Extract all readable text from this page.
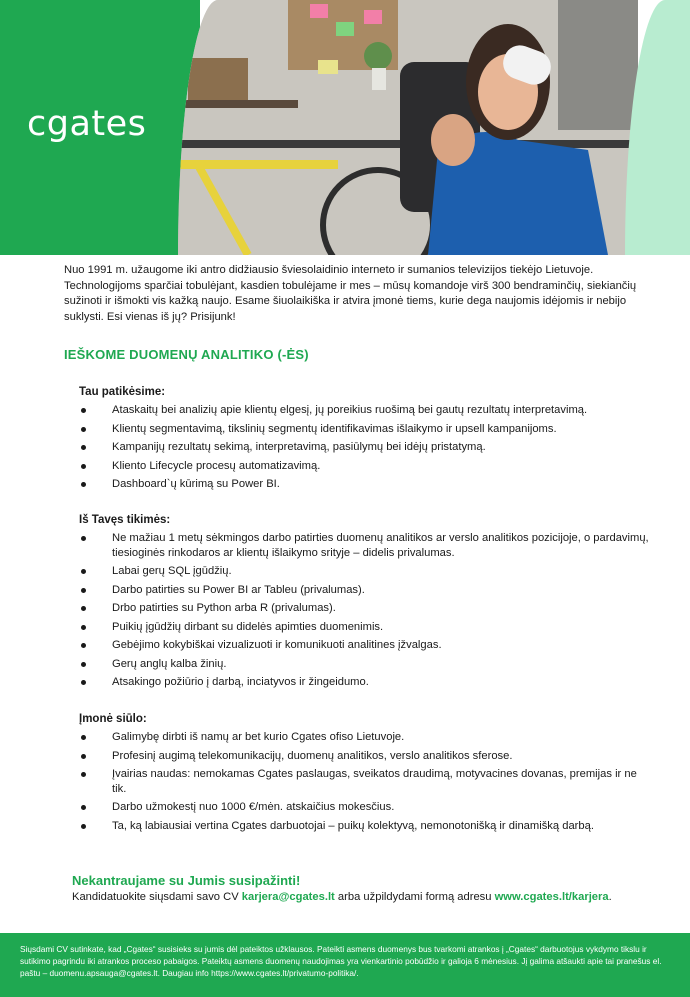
cgates

Nuo 1991 m. užaugome iki antro didžiausio šviesolaidinio interneto ir sumanios televizijos tiekėjo Lietuvoje. Technologijoms sparčiai tobulėjant, kasdien tobulėjame ir mes – mūsų komandoje virš 300 bendraminčių, siekiančių sužinoti ir išmokti vis kažką naujo. Esame šiuolaikiška ir atvira įmonė tiems, kurie dega naujomis idėjomis ir nebijo suklysti. Esi vienas iš jų? Prisijunk!

IEŠKOME DUOMENŲ ANALITIKO (-ĖS)
Tau patikėsime:
Ataskaitų bei analizių apie klientų elgesį, jų poreikius ruošimą bei gautų rezultatų interpretavimą.
Klientų segmentavimą, tikslinių segmentų identifikavimas išlaikymo ir upsell kampanijoms.
Kampanijų rezultatų sekimą, interpretavimą, pasiūlymų bei idėjų pristatymą.
Kliento Lifecycle procesų automatizavimą.
Dashboard`ų kūrimą su Power BI.
Iš Tavęs tikimės:
Ne mažiau 1 metų sėkmingos darbo patirties duomenų analitikos ar verslo analitikos pozicijoje, o pardavimų, tiesioginės rinkodaros ar klientų išlaikymo srityje – didelis privalumas.
Labai gerų SQL įgūdžių.
Darbo patirties su Power BI ar Tableu (privalumas).
Drbo patirties su Python arba R (privalumas).
Puikių įgūdžių dirbant su didelės apimties duomenimis.
Gebėjimo kokybiškai vizualizuoti ir komunikuoti analitines įžvalgas.
Gerų anglų kalba žinių.
Atsakingo požiūrio į darbą, inciatyvos ir žingeidumo.
Įmonė siūlo:
Galimybę dirbti iš namų ar bet kurio Cgates ofiso Lietuvoje.
Profesinį augimą telekomunikacijų, duomenų analitikos, verslo analitikos sferose.
Įvairias naudas: nemokamas Cgates paslaugas, sveikatos draudimą, motyvacines dovanas, premijas ir ne tik.
Darbo užmokestį nuo 1000 €/mėn. atskaičius mokesčius.
Ta, ką labiausiai vertina Cgates darbuotojai – puikų kolektyvą, nemonotonišką ir dinamišką darbą.
Nekantraujame su Jumis susipažinti!
Kandidatuokite siųsdami savo CV karjera@cgates.lt arba užpildydami formą adresu www.cgates.lt/karjera.
Siųsdami CV sutinkate, kad „Cgates“ susisieks su jumis dėl pateiktos užklausos. Pateikti asmens duomenys bus tvarkomi atrankos į „Cgates“ darbuotojus vykdymo tikslu ir sutikimo pagrindu iki atrankos proceso pabaigos. Pateiktų asmens duomenų naudojimas yra vienkartinio pobūdžio ir galioja 6 mėnesius. Jį galima atšaukti apie tai pranešus el. paštu – duomenu.apsauga@cgates.lt. Daugiau info https://www.cgates.lt/privatumo-politika/.
